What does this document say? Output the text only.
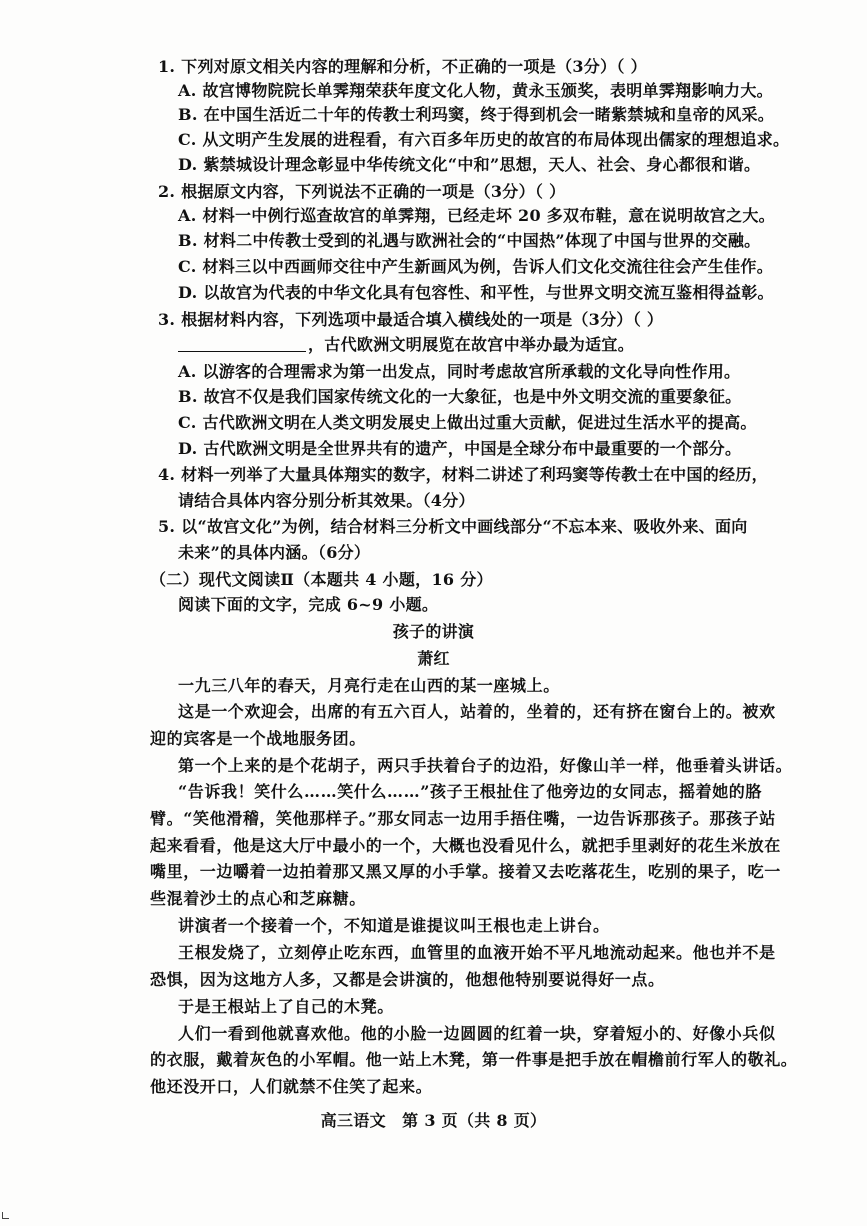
1. 下列对原文相关内容的理解和分析，不正确的一项是（3分）（ ）
A. 故宫博物院院长单霁翔荣获年度文化人物，黄永玉颁奖，表明单霁翔影响力大。
B. 在中国生活近二十年的传教士利玛窦，终于得到机会一睹紫禁城和皇帝的风采。
C. 从文明产生发展的进程看，有六百多年历史的故宫的布局体现出儒家的理想追求。
D. 紫禁城设计理念彰显中华传统文化“中和”思想，天人、社会、身心都很和谐。
2. 根据原文内容，下列说法不正确的一项是（3分）（ ）
A. 材料一中例行巡查故宫的单霁翔，已经走坏 20 多双布鞋，意在说明故宫之大。
B. 材料二中传教士受到的礼遇与欧洲社会的“中国热”体现了中国与世界的交融。
C. 材料三以中西画师交往中产生新画风为例，告诉人们文化交流往往会产生佳作。
D. 以故宫为代表的中华文化具有包容性、和平性，与世界文明交流互鉴相得益彰。
3. 根据材料内容，下列选项中最适合填入横线处的一项是（3分）（ ）
，古代欧洲文明展览在故宫中举办最为适宜。
A. 以游客的合理需求为第一出发点，同时考虑故宫所承载的文化导向性作用。
B. 故宫不仅是我们国家传统文化的一大象征，也是中外文明交流的重要象征。
C. 古代欧洲文明在人类文明发展史上做出过重大贡献，促进过生活水平的提高。
D. 古代欧洲文明是全世界共有的遗产，中国是全球分布中最重要的一个部分。
4. 材料一列举了大量具体翔实的数字，材料二讲述了利玛窦等传教士在中国的经历，
请结合具体内容分别分析其效果。（4分）
5. 以“故宫文化”为例，结合材料三分析文中画线部分“不忘本来、吸收外来、面向
未来”的具体内涵。（6分）
（二）现代文阅读Ⅱ（本题共 4 小题，16 分）
阅读下面的文字，完成 6~9 小题。
孩子的讲演
萧红
一九三八年的春天，月亮行走在山西的某一座城上。
这是一个欢迎会，出席的有五六百人，站着的，坐着的，还有挤在窗台上的。被欢
迎的宾客是一个战地服务团。
第一个上来的是个花胡子，两只手扶着台子的边沿，好像山羊一样，他垂着头讲话。
“告诉我！笑什么……笑什么……”孩子王根扯住了他旁边的女同志，摇着她的胳
臂。“笑他滑稽，笑他那样子。”那女同志一边用手捂住嘴，一边告诉那孩子。那孩子站
起来看看，他是这大厅中最小的一个，大概也没看见什么，就把手里剥好的花生米放在
嘴里，一边嚼着一边拍着那又黑又厚的小手掌。接着又去吃落花生，吃别的果子，吃一
些混着沙土的点心和芝麻糖。
讲演者一个接着一个，不知道是谁提议叫王根也走上讲台。
王根发烧了，立刻停止吃东西，血管里的血液开始不平凡地流动起来。他也并不是
恐惧，因为这地方人多，又都是会讲演的，他想他特别要说得好一点。
于是王根站上了自己的木凳。
人们一看到他就喜欢他。他的小脸一边圆圆的红着一块，穿着短小的、好像小兵似
的衣服，戴着灰色的小军帽。他一站上木凳，第一件事是把手放在帽檐前行军人的敬礼。
他还没开口，人们就禁不住笑了起来。
高三语文　第 3 页（共 8 页）
